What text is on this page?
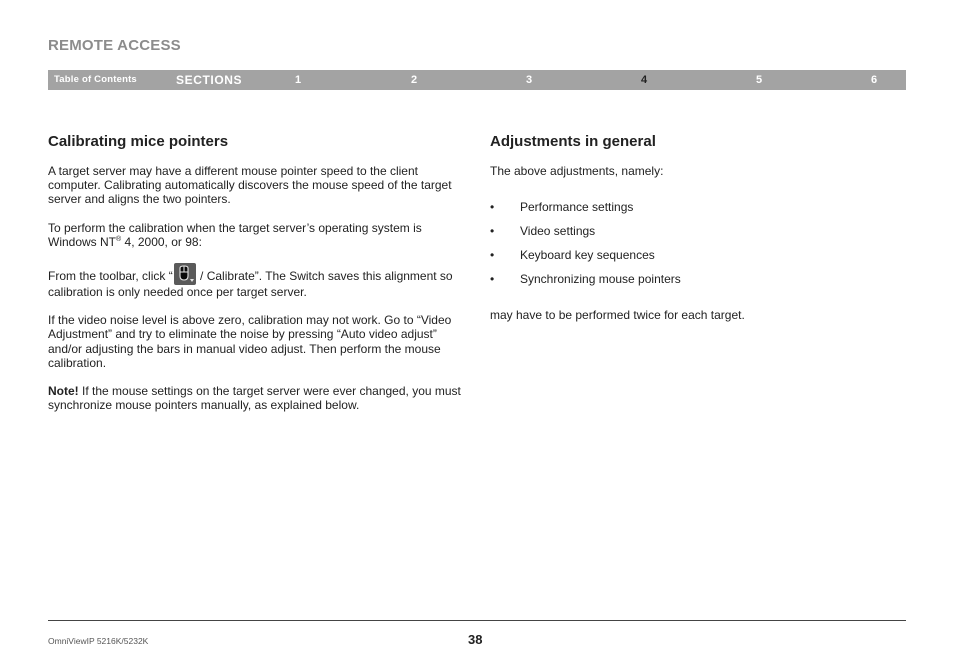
REMOTE ACCESS
Table of Contents	SECTIONS	1	2	3	4	5	6
Calibrating mice pointers

A target server may have a different mouse pointer speed to the client computer. Calibrating automatically discovers the mouse speed of the target server and aligns the two pointers.

To perform the calibration when the target server’s operating system is Windows NT® 4, 2000, or 98:

From the toolbar, click “
/ Calibrate”. The Switch saves this alignment so calibration is only needed once per target server.

If the video noise level is above zero, calibration may not work. Go to “Video Adjustment” and try to eliminate the noise by pressing “Auto video adjust” and/or adjusting the bars in manual video adjust. Then perform the mouse calibration.

Note! If the mouse settings on the target server were ever changed, you must synchronize mouse pointers manually, as explained below.

Adjustments in general

The above adjustments, namely:

• Performance settings
• Video settings
• Keyboard key sequences
• Synchronizing mouse pointers

may have to be performed twice for each target.

OmniViewIP 5216K/5232K	38
